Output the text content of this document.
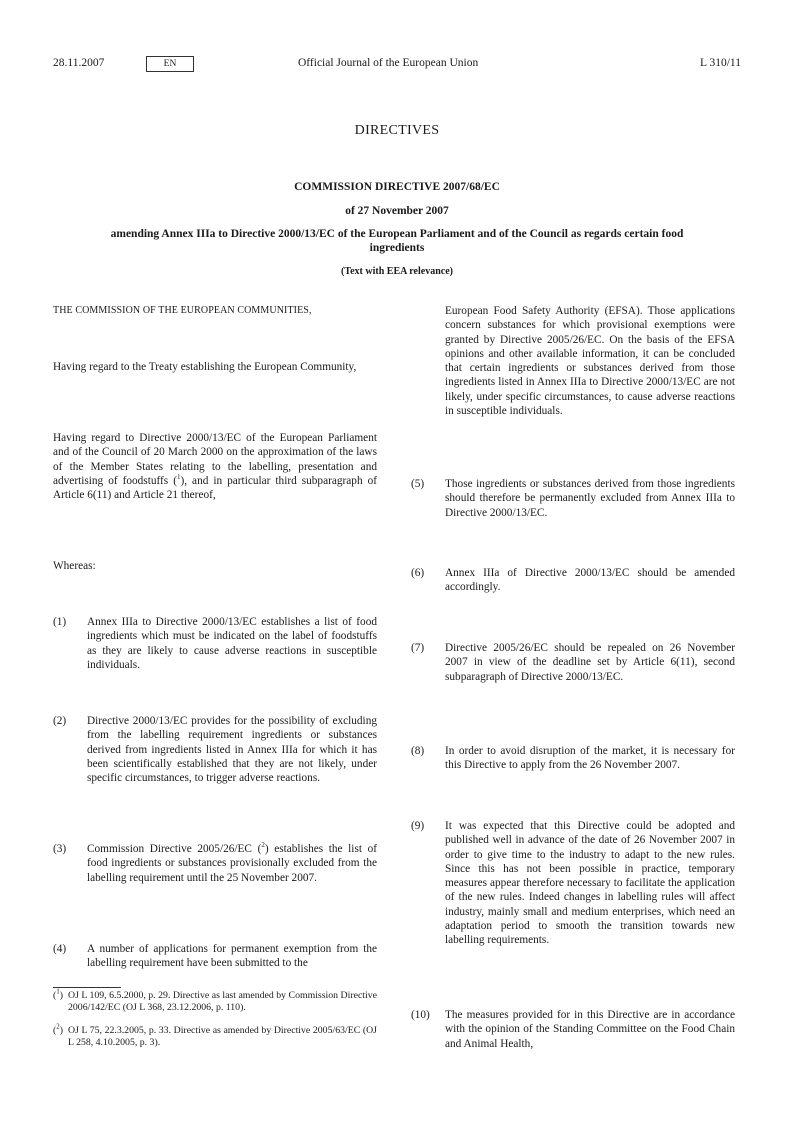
28.11.2007	EN	Official Journal of the European Union	L 310/11
DIRECTIVES
COMMISSION DIRECTIVE 2007/68/EC
of 27 November 2007
amending Annex IIIa to Directive 2000/13/EC of the European Parliament and of the Council as regards certain food ingredients
(Text with EEA relevance)

THE COMMISSION OF THE EUROPEAN COMMUNITIES,

Having regard to the Treaty establishing the European Community,

Having regard to Directive 2000/13/EC of the European Parliament and of the Council of 20 March 2000 on the approximation of the laws of the Member States relating to the labelling, presentation and advertising of foodstuffs ($^1$), and in particular third subparagraph of Article 6(11) and Article 21 thereof,

Whereas:

(1)	Annex IIIa to Directive 2000/13/EC establishes a list of food ingredients which must be indicated on the label of foodstuffs as they are likely to cause adverse reactions in susceptible individuals.

(2)	Directive 2000/13/EC provides for the possibility of excluding from the labelling requirement ingredients or substances derived from ingredients listed in Annex IIIa for which it has been scientifically established that they are not likely, under specific circumstances, to trigger adverse reactions.

(3)	Commission Directive 2005/26/EC ($^2$) establishes the list of food ingredients or substances provisionally excluded from the labelling requirement until the 25 November 2007.

(4)	A number of applications for permanent exemption from the labelling requirement have been submitted to the

($^1$) OJ L 109, 6.5.2000, p. 29. Directive as last amended by Commission Directive 2006/142/EC (OJ L 368, 23.12.2006, p. 110).
($^2$) OJ L 75, 22.3.2005, p. 33. Directive as amended by Directive 2005/63/EC (OJ L 258, 4.10.2005, p. 3).

European Food Safety Authority (EFSA). Those applications concern substances for which provisional exemptions were granted by Directive 2005/26/EC. On the basis of the EFSA opinions and other available information, it can be concluded that certain ingredients or substances derived from those ingredients listed in Annex IIIa to Directive 2000/13/EC are not likely, under specific circumstances, to cause adverse reactions in susceptible individuals.

(5)	Those ingredients or substances derived from those ingredients should therefore be permanently excluded from Annex IIIa to Directive 2000/13/EC.

(6)	Annex IIIa of Directive 2000/13/EC should be amended accordingly.

(7)	Directive 2005/26/EC should be repealed on 26 November 2007 in view of the deadline set by Article 6(11), second subparagraph of Directive 2000/13/EC.

(8)	In order to avoid disruption of the market, it is necessary for this Directive to apply from the 26 November 2007.

(9)	It was expected that this Directive could be adopted and published well in advance of the date of 26 November 2007 in order to give time to the industry to adapt to the new rules. Since this has not been possible in practice, temporary measures appear therefore necessary to facilitate the application of the new rules. Indeed changes in labelling rules will affect industry, mainly small and medium enterprises, which need an adaptation period to smooth the transition towards new labelling requirements.

(10)	The measures provided for in this Directive are in accordance with the opinion of the Standing Committee on the Food Chain and Animal Health,
